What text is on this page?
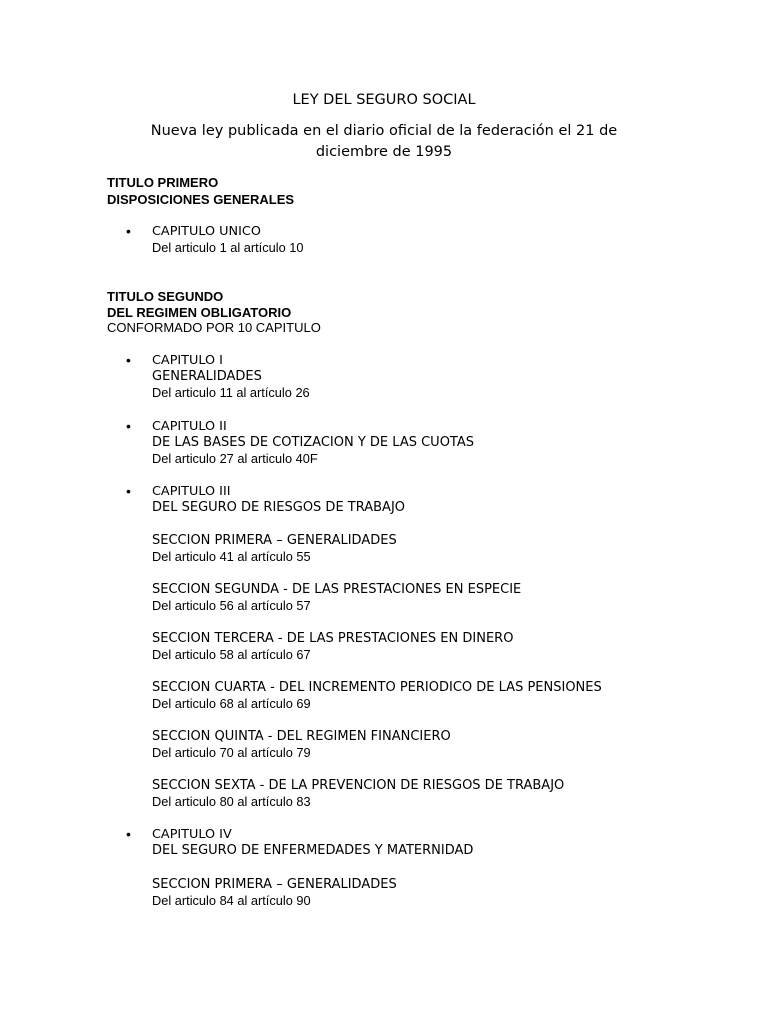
LEY DEL SEGURO SOCIAL
Nueva ley publicada en el diario oficial de la federación el 21 de diciembre de 1995
TITULO PRIMERO
DISPOSICIONES GENERALES
• CAPITULO UNICO
Del articulo 1 al artículo 10
TITULO SEGUNDO
DEL REGIMEN OBLIGATORIO
CONFORMADO POR 10 CAPITULO
• CAPITULO I
GENERALIDADES
Del articulo 11 al artículo 26
• CAPITULO II
DE LAS BASES DE COTIZACION Y DE LAS CUOTAS
Del articulo 27 al articulo 40F
• CAPITULO III
DEL SEGURO DE RIESGOS DE TRABAJO
SECCION PRIMERA – GENERALIDADES
Del articulo 41 al artículo 55
SECCION SEGUNDA - DE LAS PRESTACIONES EN ESPECIE
Del articulo 56 al artículo 57
SECCION TERCERA - DE LAS PRESTACIONES EN DINERO
Del articulo 58 al artículo 67
SECCION CUARTA - DEL INCREMENTO PERIODICO DE LAS PENSIONES
Del articulo 68 al artículo 69
SECCION QUINTA - DEL REGIMEN FINANCIERO
Del articulo 70 al artículo 79
SECCION SEXTA - DE LA PREVENCION DE RIESGOS DE TRABAJO
Del articulo 80 al artículo 83
• CAPITULO IV
DEL SEGURO DE ENFERMEDADES Y MATERNIDAD
SECCION PRIMERA – GENERALIDADES
Del articulo 84 al artículo 90
